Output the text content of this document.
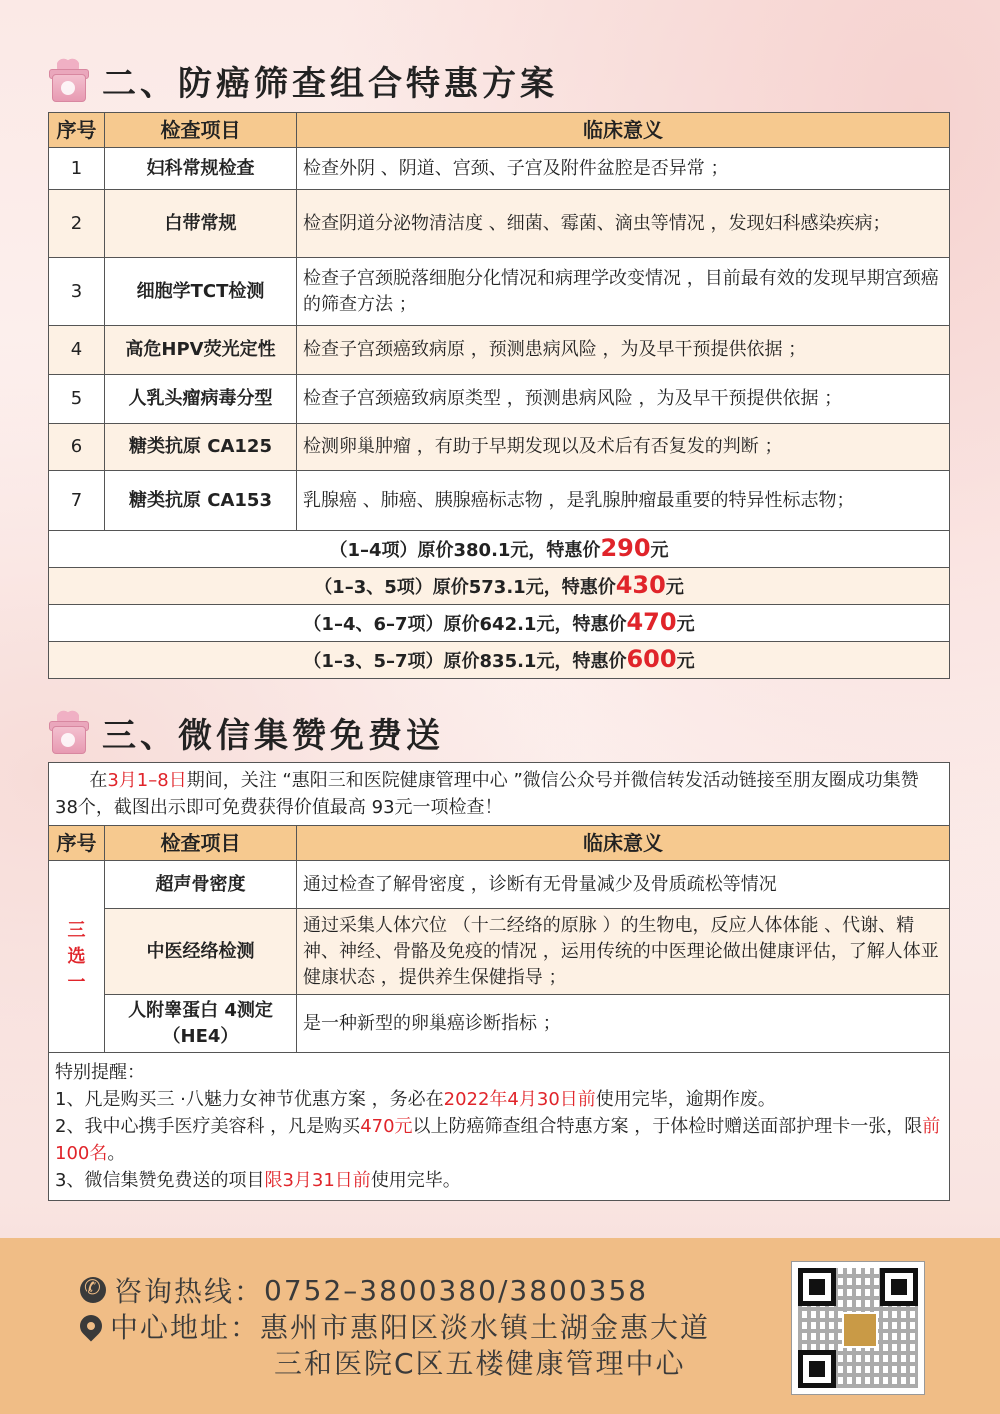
二、防癌筛查组合特惠方案
序号	检查项目	临床意义
1	妇科常规检查	检查外阴 、阴道、宫颈、子宫及附件盆腔是否异常 ；
2	白带常规	检查阴道分泌物清洁度 、细菌、霉菌、滴虫等情况 ，发现妇科感染疾病；
3	细胞学TCT检测	检查子宫颈脱落细胞分化情况和病理学改变情况 ，目前最有效的发现早期宫颈癌的筛查方法 ；
4	高危HPV荧光定性	检查子宫颈癌致病原 ，预测患病风险 ，为及早干预提供依据 ；
5	人乳头瘤病毒分型	检查子宫颈癌致病原类型 ，预测患病风险 ，为及早干预提供依据 ；
6	糖类抗原 CA125	检测卵巢肿瘤 ，有助于早期发现以及术后有否复发的判断 ；
7	糖类抗原 CA153	乳腺癌 、肺癌、胰腺癌标志物 ，是乳腺肿瘤最重要的特异性标志物；
（1–4项）原价380.1元，特惠价290元		
（1–3、5项）原价573.1元，特惠价430元		
（1–4、6–7项）原价642.1元，特惠价470元		
（1–3、5–7项）原价835.1元，特惠价600元		
三、微信集赞免费送
在3月1–8日期间，关注 “惠阳三和医院健康管理中心 ”微信公众号并微信转发活动链接至朋友圈成功集赞 38个，截图出示即可免费获得价值最高 93元一项检查！		
序号	检查项目	临床意义

三
选
一	超声骨密度	通过检查了解骨密度 ，诊断有无骨量减少及骨质疏松等情况
	中医经络检测	通过采集人体穴位 （十二经络的原脉 ）的生物电，反应人体体能 、代谢、精神、神经、骨骼及免疫的情况 ，运用传统的中医理论做出健康评估，了解人体亚健康状态 ，提供养生保健指导 ；
	人附睾蛋白 4测定（HE4）	是一种新型的卵巢癌诊断指标 ；

特别提醒：
1、凡是购买三 ·八魅力女神节优惠方案 ，务必在2022年4月30日前使用完毕，逾期作废。
2、我中心携手医疗美容科 ，凡是购买470元以上防癌筛查组合特惠方案 ，于体检时赠送面部护理卡一张，限前100名。
3、微信集赞免费送的项目限3月31日前使用完毕。		
✆
咨询热线： 0752–3800380/3800358
中心地址： 惠州市惠阳区淡水镇土湖金惠大道
三和医院C区五楼健康管理中心
